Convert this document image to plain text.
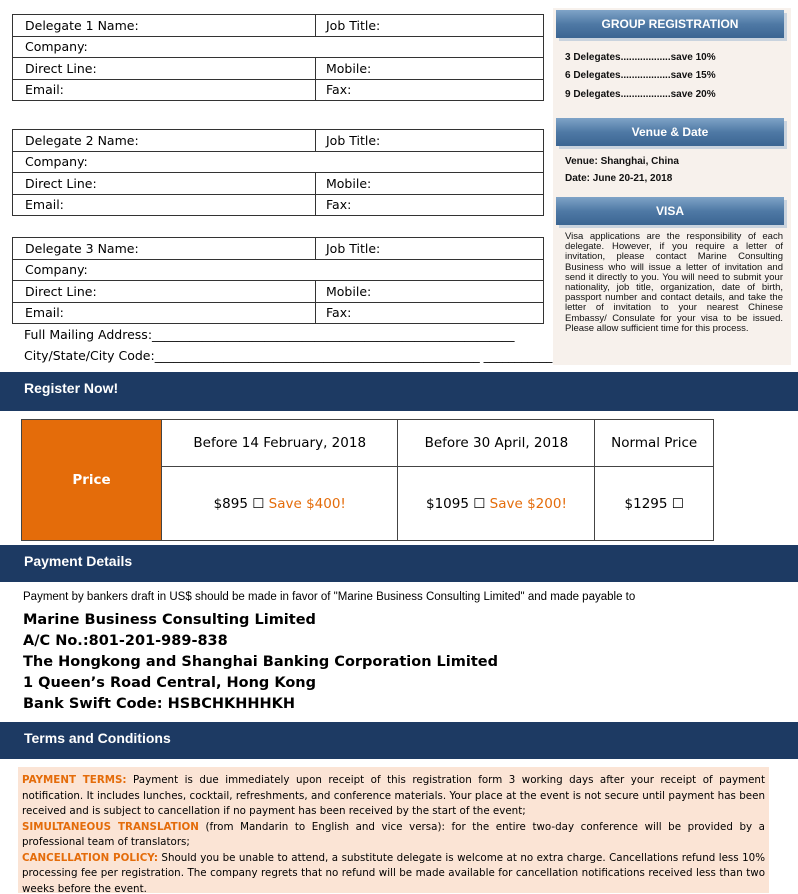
Delegate 1 Name:	Job Title:
Company:	
Direct Line:	Mobile:
Email:	Fax:
Delegate 2 Name:	Job Title:
Company:	
Direct Line:	Mobile:
Email:	Fax:
Delegate 3 Name:	Job Title:
Company:	
Direct Line:	Mobile:
Email:	Fax:
Full Mailing Address:__________________________________________________________
City/State/City Code:____________________________________________________ ___________
GROUP REGISTRATION
3 Delegates..................save 10%
6 Delegates..................save 15%
9 Delegates..................save 20%
Venue & Date
Venue: Shanghai, China
Date: June 20-21, 2018
VISA
Visa applications are the responsibility of each delegate. However, if you require a letter of invitation, please contact Marine Consulting Business who will issue a letter of invitation and send it directly to you. You will need to submit your nationality, job title, organization, date of birth, passport number and contact details, and take the letter of invitation to your nearest Chinese Embassy/ Consulate for your visa to be issued. Please allow sufficient time for this process.
Register Now!
Price	Before 14 February, 2018	Before 30 April, 2018	Normal Price
	$895 ☐ Save $400!	$1095 ☐ Save $200!	$1295 ☐
Payment Details
Payment by bankers draft in US$ should be made in favor of "Marine Business Consulting Limited" and made payable to
Marine Business Consulting Limited
A/C No.:801-201-989-838
The Hongkong and Shanghai Banking Corporation Limited
1 Queen’s Road Central, Hong Kong
Bank Swift Code: HSBCHKHHHKH
Terms and Conditions
PAYMENT TERMS: Payment is due immediately upon receipt of this registration form 3 working days after your receipt of payment notification. It includes lunches, cocktail, refreshments, and conference materials. Your place at the event is not secure until payment has been received and is subject to cancellation if no payment has been received by the start of the event;
SIMULTANEOUS TRANSLATION (from Mandarin to English and vice versa): for the entire two-day conference will be provided by a professional team of translators;
CANCELLATION POLICY: Should you be unable to attend, a substitute delegate is welcome at no extra charge. Cancellations refund less 10% processing fee per registration. The company regrets that no refund will be made available for cancellation notifications received less than two weeks before the event.
